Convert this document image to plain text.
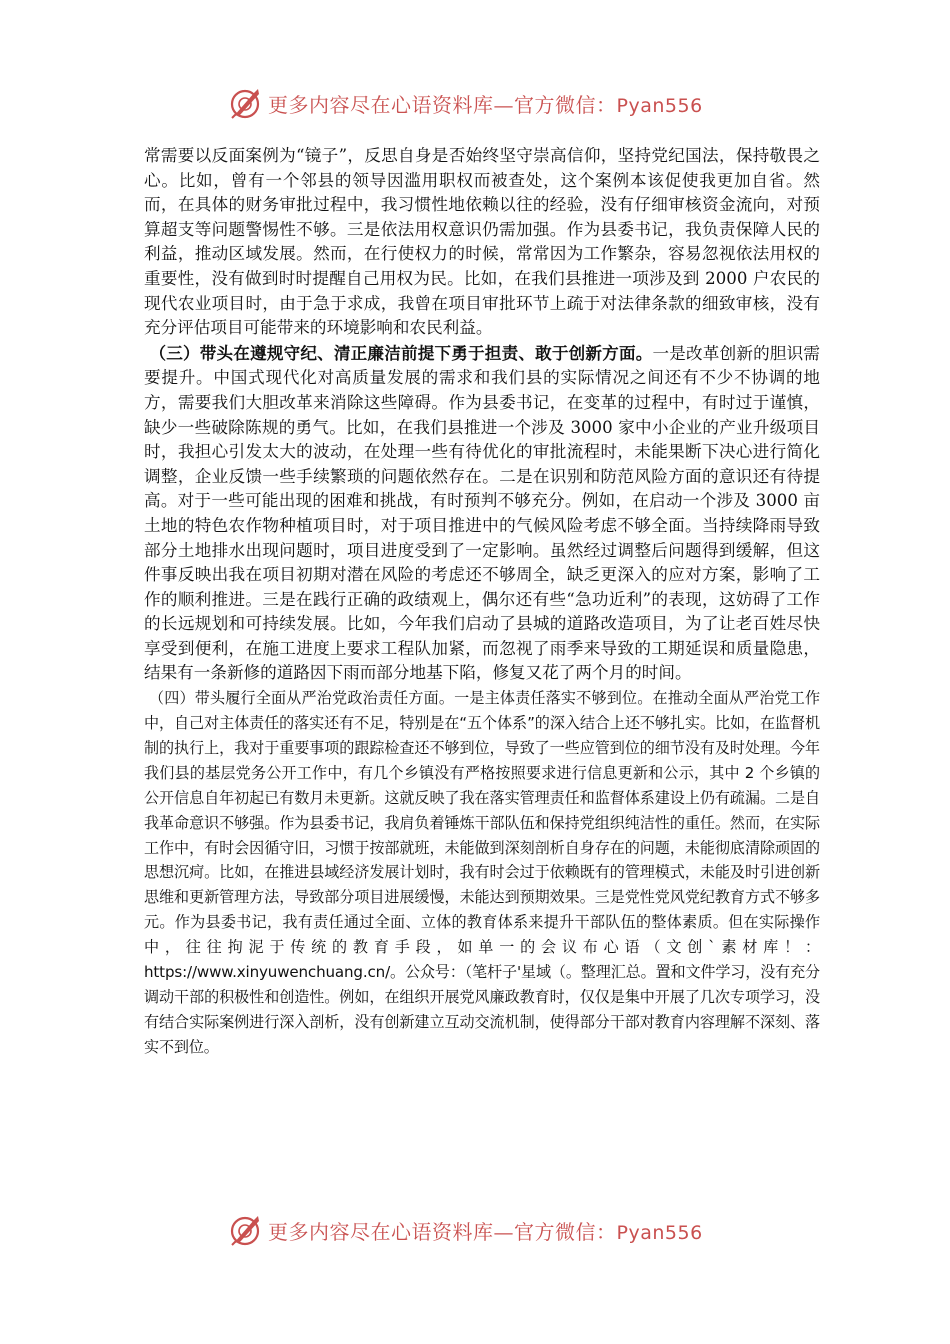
更多内容尽在心语资料库—官方微信：Pyan556

常需要以反面案例为“镜子”，反思自身是否始终坚守崇高信仰，坚持党纪国法，保持敬畏之心。比如，曾有一个邻县的领导因滥用职权而被查处，这个案例本该促使我更加自省。然而，在具体的财务审批过程中，我习惯性地依赖以往的经验，没有仔细审核资金流向，对预算超支等问题警惕性不够。三是依法用权意识仍需加强。作为县委书记，我负责保障人民的利益，推动区域发展。然而，在行使权力的时候，常常因为工作繁杂，容易忽视依法用权的重要性，没有做到时时提醒自己用权为民。比如，在我们县推进一项涉及到 2000 户农民的现代农业项目时，由于急于求成，我曾在项目审批环节上疏于对法律条款的细致审核，没有充分评估项目可能带来的环境影响和农民利益。

（三）带头在遵规守纪、清正廉洁前提下勇于担责、敢于创新方面。一是改革创新的胆识需要提升。中国式现代化对高质量发展的需求和我们县的实际情况之间还有不少不协调的地方，需要我们大胆改革来消除这些障碍。作为县委书记，在变革的过程中，有时过于谨慎，缺少一些破除陈规的勇气。比如，在我们县推进一个涉及 3000 家中小企业的产业升级项目时，我担心引发太大的波动，在处理一些有待优化的审批流程时，未能果断下决心进行简化调整，企业反馈一些手续繁琐的问题依然存在。二是在识别和防范风险方面的意识还有待提高。对于一些可能出现的困难和挑战，有时预判不够充分。例如，在启动一个涉及 3000 亩土地的特色农作物种植项目时，对于项目推进中的气候风险考虑不够全面。当持续降雨导致部分土地排水出现问题时，项目进度受到了一定影响。虽然经过调整后问题得到缓解，但这件事反映出我在项目初期对潜在风险的考虑还不够周全，缺乏更深入的应对方案，影响了工作的顺利推进。三是在践行正确的政绩观上，偶尔还有些“急功近利”的表现，这妨碍了工作的长远规划和可持续发展。比如，今年我们启动了县城的道路改造项目，为了让老百姓尽快享受到便利，在施工进度上要求工程队加紧，而忽视了雨季来导致的工期延误和质量隐患，结果有一条新修的道路因下雨而部分地基下陷，修复又花了两个月的时间。

（四）带头履行全面从严治党政治责任方面。一是主体责任落实不够到位。在推动全面从严治党工作中，自己对主体责任的落实还有不足，特别是在“五个体系”的深入结合上还不够扎实。比如，在监督机制的执行上，我对于重要事项的跟踪检查还不够到位，导致了一些应管到位的细节没有及时处理。今年我们县的基层党务公开工作中，有几个乡镇没有严格按照要求进行信息更新和公示，其中 2 个乡镇的公开信息自年初起已有数月未更新。这就反映了我在落实管理责任和监督体系建设上仍有疏漏。二是自我革命意识不够强。作为县委书记，我肩负着锤炼干部队伍和保持党组织纯洁性的重任。然而，在实际工作中，有时会因循守旧，习惯于按部就班，未能做到深刻剖析自身存在的问题，未能彻底清除顽固的思想沉疴。比如，在推进县域经济发展计划时，我有时会过于依赖既有的管理模式，未能及时引进创新思维和更新管理方法，导致部分项目进展缓慢，未能达到预期效果。三是党性党风党纪教育方式不够多元。作为县委书记，我有责任通过全面、立体的教育体系来提升干部队伍的整体素质。但在实际操作中，往往拘泥于传统的教育手段，如单一的会议布心语（文创`素材库！：https://www.xinyuwenchuang.cn/。公众号：（笔杆子'星域（。整理汇总。置和文件学习，没有充分调动干部的积极性和创造性。例如，在组织开展党风廉政教育时，仅仅是集中开展了几次专项学习，没有结合实际案例进行深入剖析，没有创新建立互动交流机制，使得部分干部对教育内容理解不深刻、落实不到位。

更多内容尽在心语资料库—官方微信：Pyan556
